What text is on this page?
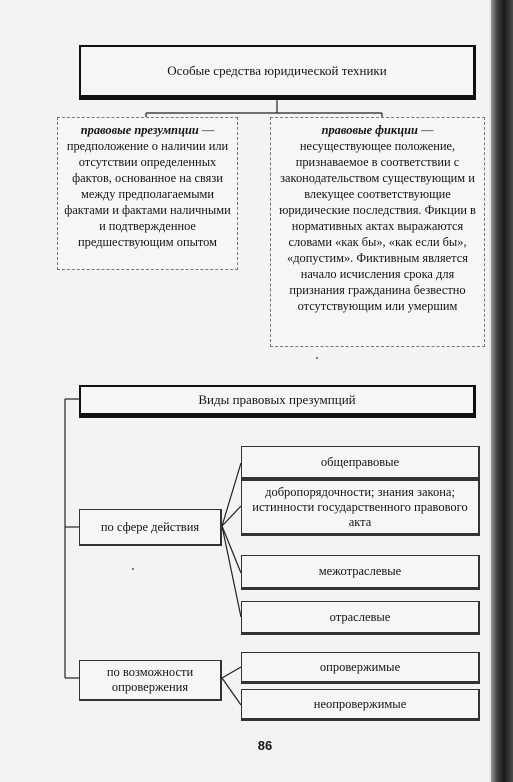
Особые средства юридической техники
правовые презумпции — предположение о наличии или отсутствии определенных фактов, основанное на связи между предполагаемыми фактами и фактами наличными и подтвержденное предшествующим опытом
правовые фикции — несуществующее положение, признаваемое в соответствии с законодательством существующим и влекущее соответствующие юридические последствия. Фикции в нормативных актах выражаются словами «как бы», «как если бы», «допустим». Фиктивным является начало исчисления срока для признания гражданина безвестно отсутствующим или умершим
Виды правовых презумпций
по сфере действия
по возможности опровержения
общеправовые
добропорядочности; знания закона; истинности государственного правового акта
межотраслевые
отраслевые
опровержимые
неопровержимые
86
